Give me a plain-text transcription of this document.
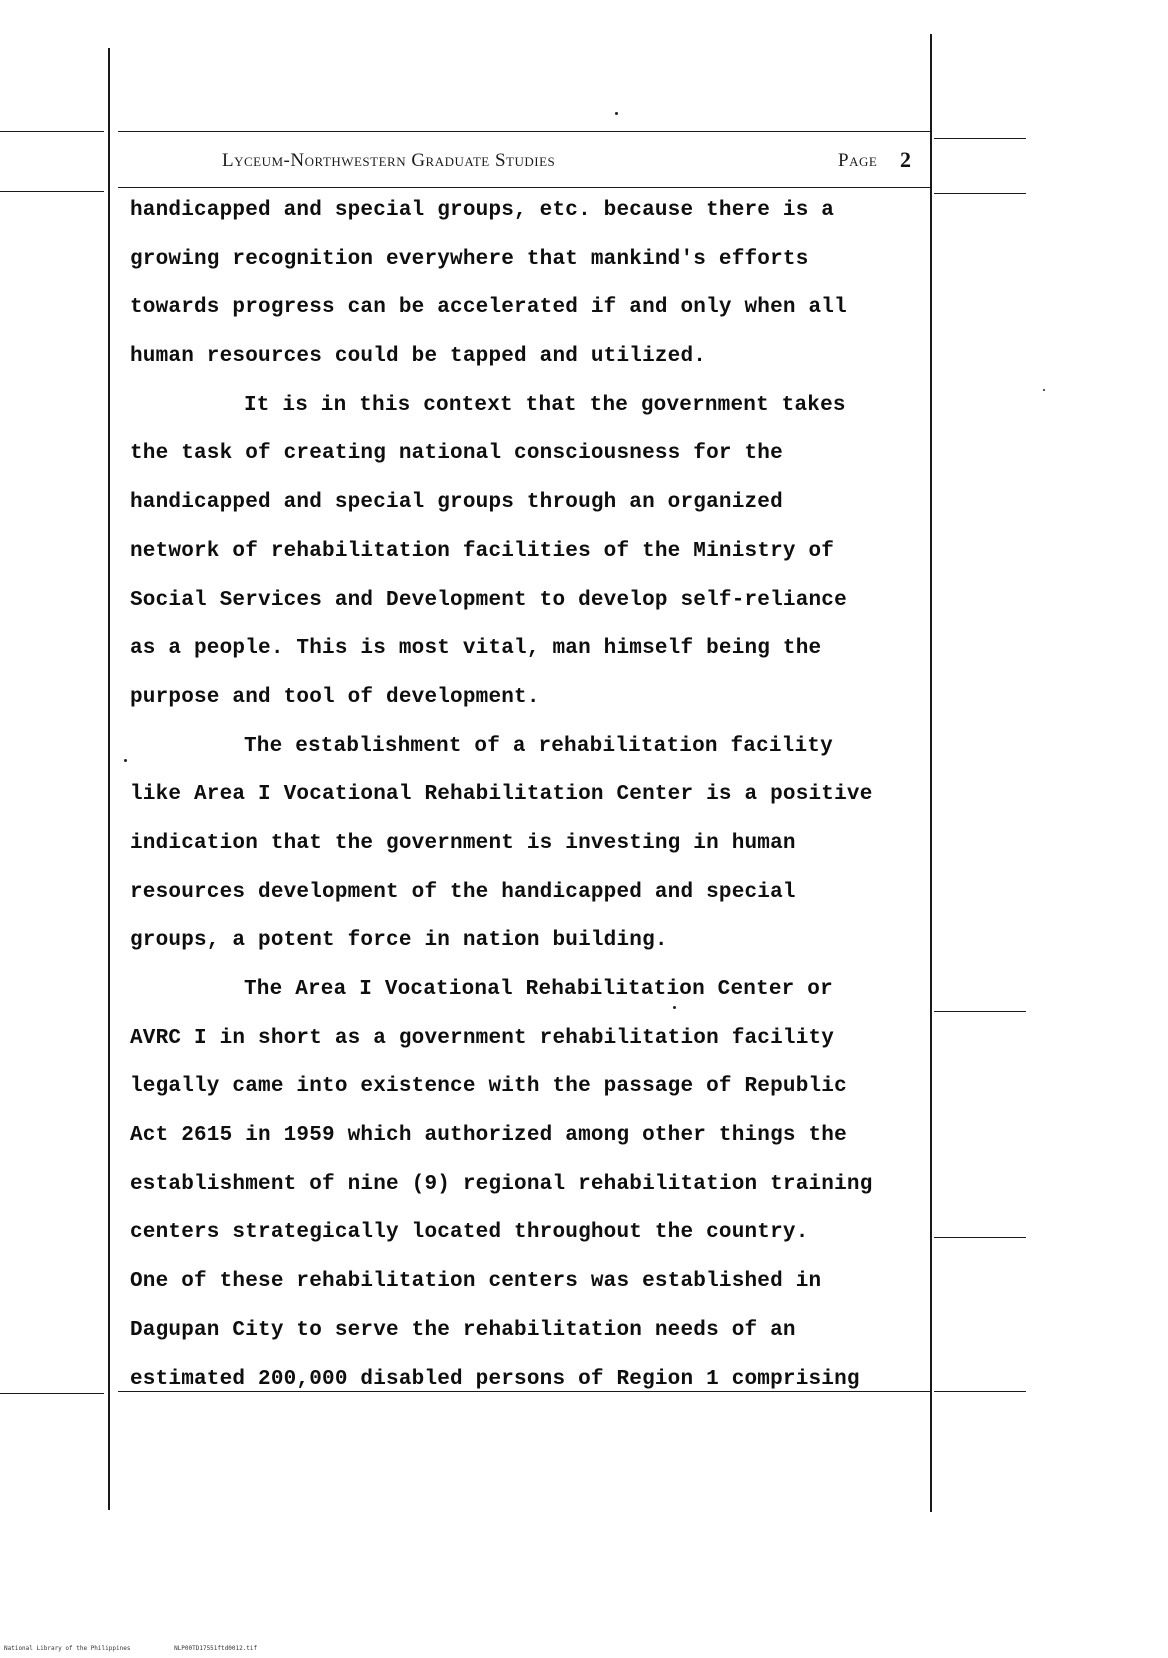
Lyceum-Northwestern Graduate Studies	Page 2
handicapped and special groups, etc. because there is a
growing recognition everywhere that mankind's efforts
towards progress can be accelerated if and only when all
human resources could be tapped and utilized.
It is in this context that the government takes
the task of creating national consciousness for the
handicapped and special groups through an organized
network of rehabilitation facilities of the Ministry of
Social Services and Development to develop self-reliance
as a people. This is most vital, man himself being the
purpose and tool of development.
The establishment of a rehabilitation facility
like Area I Vocational Rehabilitation Center is a positive
indication that the government is investing in human
resources development of the handicapped and special
groups, a potent force in nation building.
The Area I Vocational Rehabilitation Center or
AVRC I in short as a government rehabilitation facility
legally came into existence with the passage of Republic
Act 2615 in 1959 which authorized among other things the
establishment of nine (9) regional rehabilitation training
centers strategically located throughout the country.
One of these rehabilitation centers was established in
Dagupan City to serve the rehabilitation needs of an
estimated 200,000 disabled persons of Region 1 comprising
National Library of the Philippines	NLP00TD17551ftd0012.tif
